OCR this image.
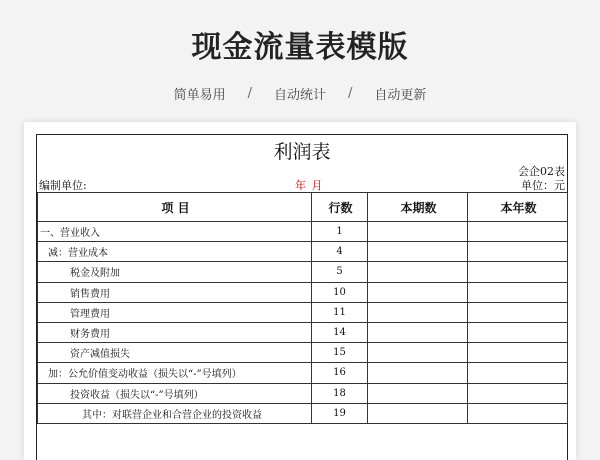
现金流量表模版
简单易用 / 自动统计 / 自动更新
利润表
会企02表
编制单位:	年 月	单位：元
项 目	行数	本期数	本年数
一、营业收入	1		
减：营业成本	4		
税金及附加	5		
销售费用	10		
管理费用	11		
财务费用	14		
资产减值损失	15		
加：公允价值变动收益（损失以“-”号填列）	16		
投资收益（损失以“-”号填列）	18		
其中：对联营企业和合营企业的投资收益	19		
